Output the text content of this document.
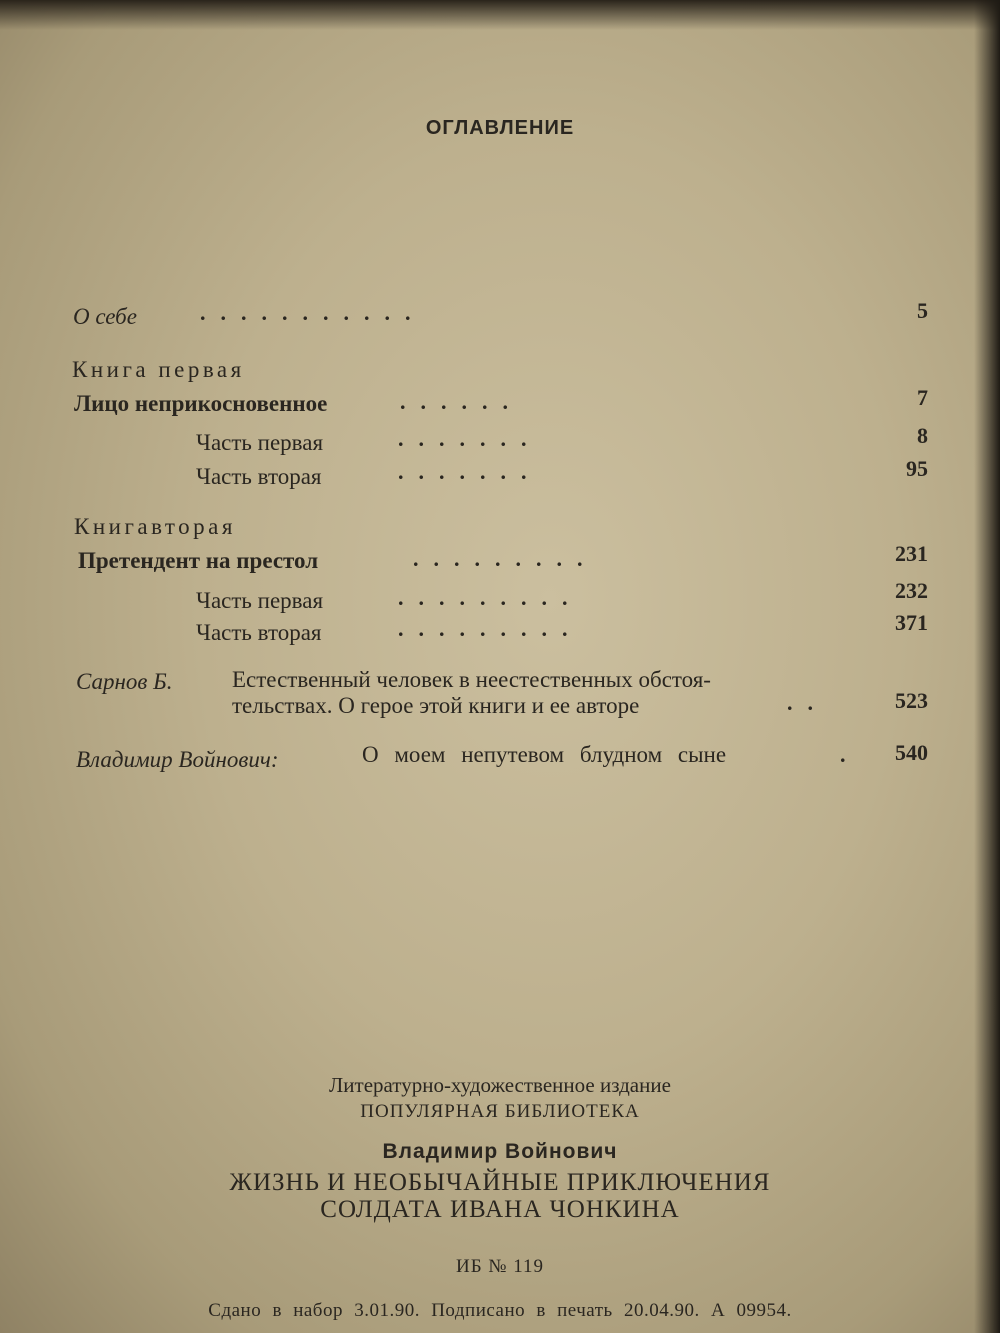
ОГЛАВЛЕНИЕ
О себе	...........	5
Книга первая
Лицо неприкосновенное	......	7
Часть первая	.......	8
Часть вторая	.......	95
Книгавторая
Претендент на престол	.........	231
Часть первая	.........	232
Часть вторая	.........	371
Сарнов Б.	Естественный человек в неестественных обстоя-
тельствах. О герое этой книги и ее авторе	..	523
Владимир Войнович:	О моем непутевом блудном сыне	. 540
Литературно-художественное издание
ПОПУЛЯРНАЯ БИБЛИОТЕКА
Владимир Войнович
ЖИЗНЬ И НЕОБЫЧАЙНЫЕ ПРИКЛЮЧЕНИЯ
СОЛДАТА ИВАНА ЧОНКИНА
ИБ № 119
Сдано в набор 3.01.90. Подписано в печать 20.04.90. А 09954.
